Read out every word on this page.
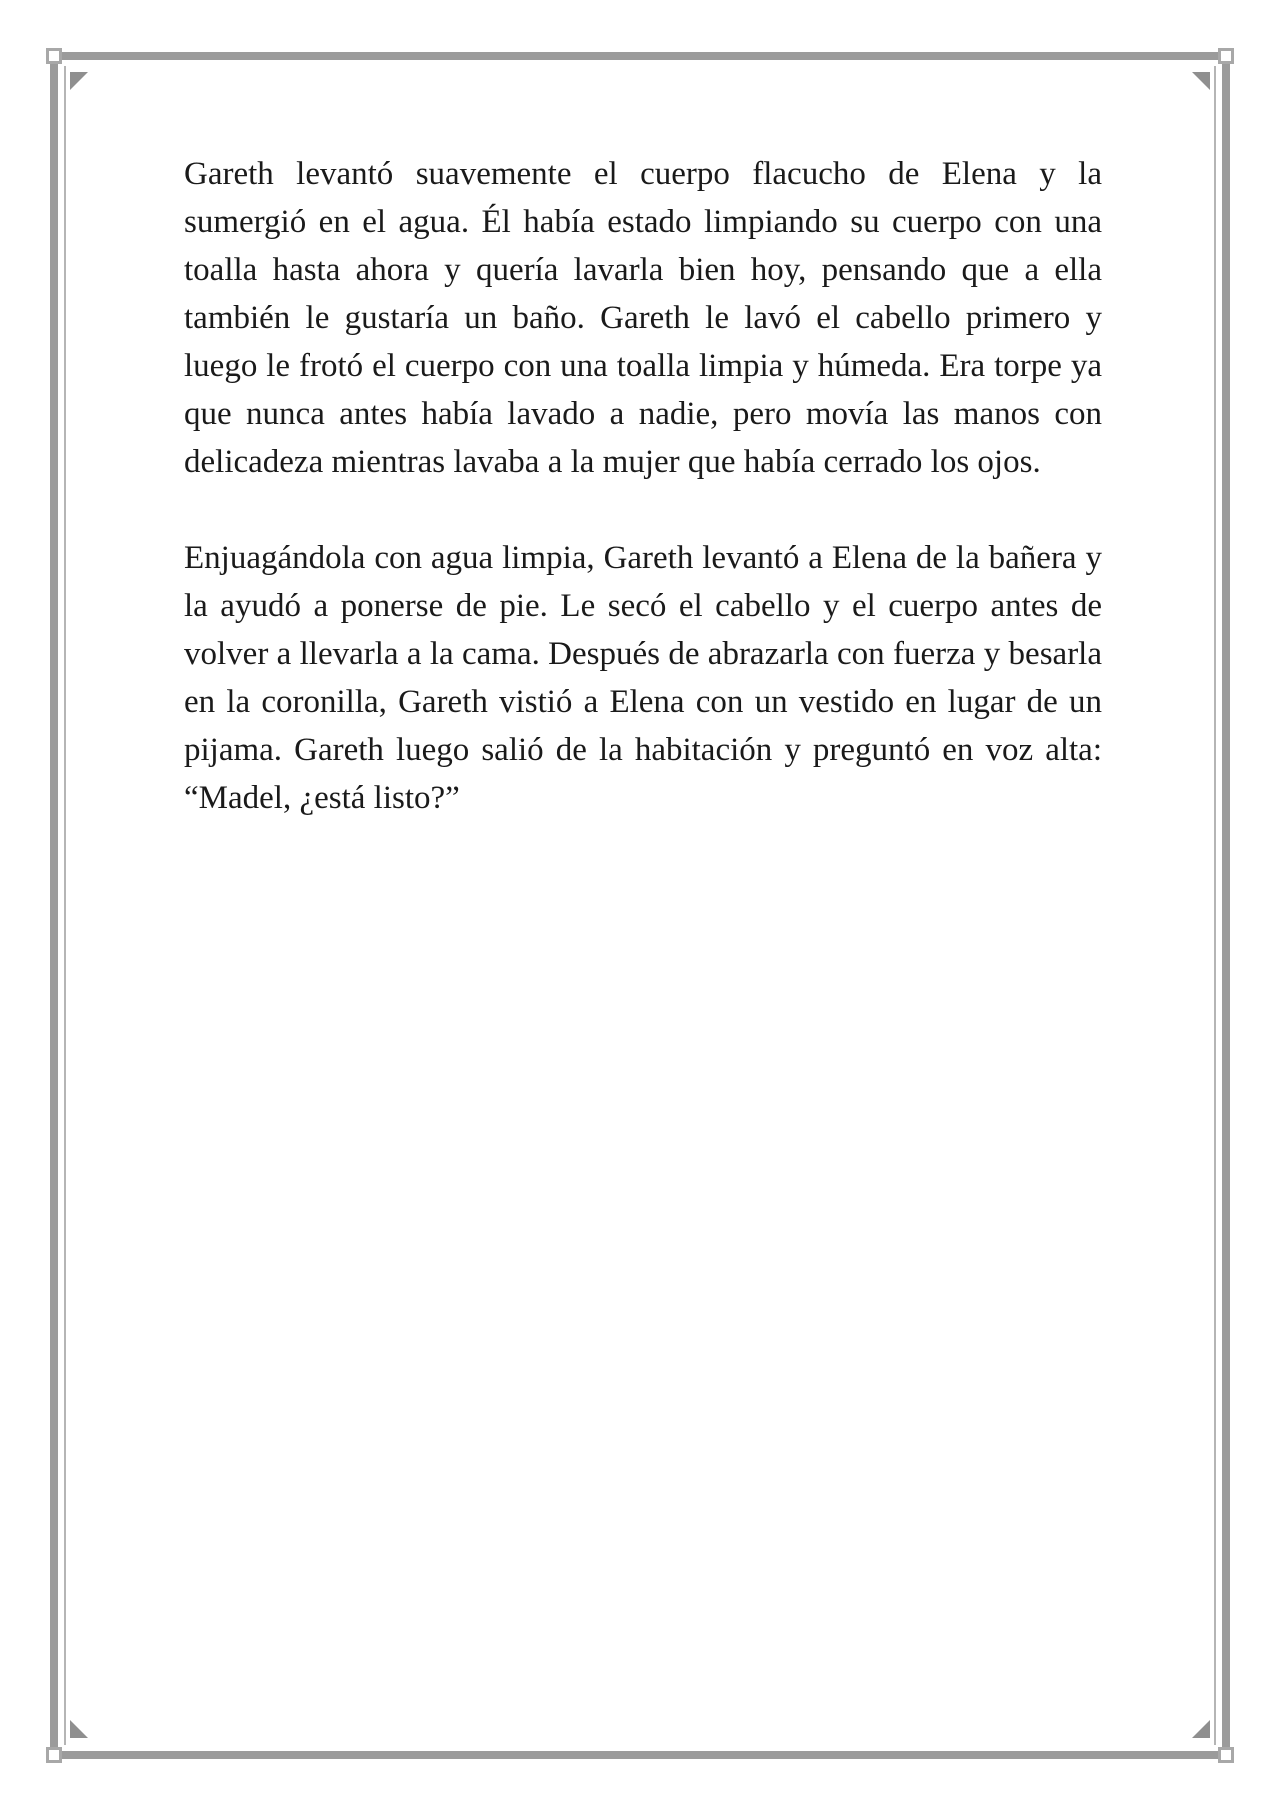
Gareth levantó suavemente el cuerpo flacucho de Elena y la sumergió en el agua. Él había estado limpiando su cuerpo con una toalla hasta ahora y quería lavarla bien hoy, pensando que a ella también le gustaría un baño. Gareth le lavó el cabello primero y luego le frotó el cuerpo con una toalla limpia y húmeda. Era torpe ya que nunca antes había lavado a nadie, pero movía las manos con delicadeza mientras lavaba a la mujer que había cerrado los ojos.

Enjuagándola con agua limpia, Gareth levantó a Elena de la bañera y la ayudó a ponerse de pie. Le secó el cabello y el cuerpo antes de volver a llevarla a la cama. Después de abrazarla con fuerza y besarla en la coronilla, Gareth vistió a Elena con un vestido en lugar de un pijama. Gareth luego salió de la habitación y preguntó en voz alta: “Madel, ¿está listo?”
